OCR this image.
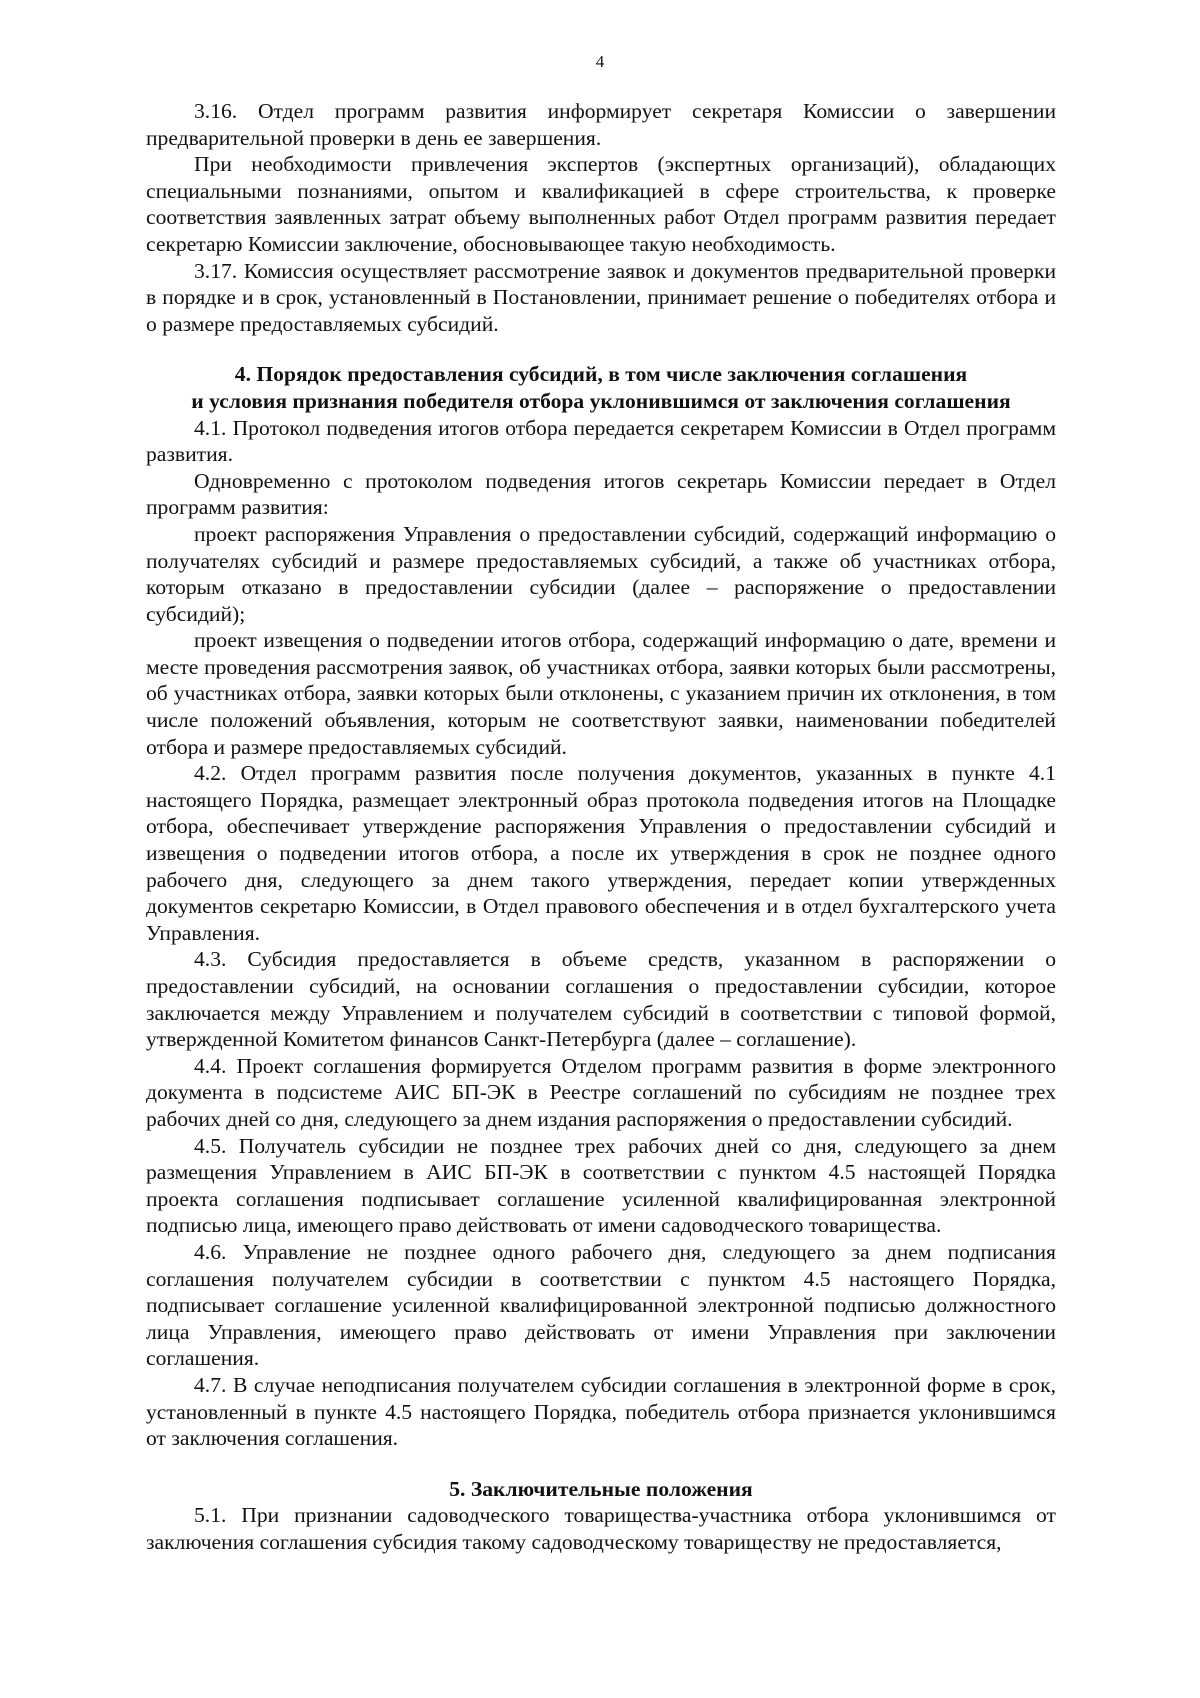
4

3.16. Отдел программ развития информирует секретаря Комиссии о завершении предварительной проверки в день ее завершения.

При необходимости привлечения экспертов (экспертных организаций), обладающих специальными познаниями, опытом и квалификацией в сфере строительства, к проверке соответствия заявленных затрат объему выполненных работ Отдел программ развития передает секретарю Комиссии заключение, обосновывающее такую необходимость.

3.17. Комиссия осуществляет рассмотрение заявок и документов предварительной проверки в порядке и в срок, установленный в Постановлении, принимает решение о победителях отбора и о размере предоставляемых субсидий.

4. Порядок предоставления субсидий, в том числе заключения соглашения
и условия признания победителя отбора уклонившимся от заключения соглашения

4.1. Протокол подведения итогов отбора передается секретарем Комиссии в Отдел программ развития.

Одновременно с протоколом подведения итогов секретарь Комиссии передает в Отдел программ развития:

проект распоряжения Управления о предоставлении субсидий, содержащий информацию о получателях субсидий и размере предоставляемых субсидий, а также об участниках отбора, которым отказано в предоставлении субсидии (далее – распоряжение о предоставлении субсидий);

проект извещения о подведении итогов отбора, содержащий информацию о дате, времени и месте проведения рассмотрения заявок, об участниках отбора, заявки которых были рассмотрены, об участниках отбора, заявки которых были отклонены, с указанием причин их отклонения, в том числе положений объявления, которым не соответствуют заявки, наименовании победителей отбора и размере предоставляемых субсидий.

4.2. Отдел программ развития после получения документов, указанных в пункте 4.1 настоящего Порядка, размещает электронный образ протокола подведения итогов на Площадке отбора, обеспечивает утверждение распоряжения Управления о предоставлении субсидий и извещения о подведении итогов отбора, а после их утверждения в срок не позднее одного рабочего дня, следующего за днем такого утверждения, передает копии утвержденных документов секретарю Комиссии, в Отдел правового обеспечения и в отдел бухгалтерского учета Управления.

4.3. Субсидия предоставляется в объеме средств, указанном в распоряжении о предоставлении субсидий, на основании соглашения о предоставлении субсидии, которое заключается между Управлением и получателем субсидий в соответствии с типовой формой, утвержденной Комитетом финансов Санкт-Петербурга (далее – соглашение).

4.4. Проект соглашения формируется Отделом программ развития в форме электронного документа в подсистеме АИС БП-ЭК в Реестре соглашений по субсидиям не позднее трех рабочих дней со дня, следующего за днем издания распоряжения о предоставлении субсидий.

4.5. Получатель субсидии не позднее трех рабочих дней со дня, следующего за днем размещения Управлением в АИС БП-ЭК в соответствии с пунктом 4.5 настоящей Порядка проекта соглашения подписывает соглашение усиленной квалифицированная электронной подписью лица, имеющего право действовать от имени садоводческого товарищества.

4.6. Управление не позднее одного рабочего дня, следующего за днем подписания соглашения получателем субсидии в соответствии с пунктом 4.5 настоящего Порядка, подписывает соглашение усиленной квалифицированной электронной подписью должностного лица Управления, имеющего право действовать от имени Управления при заключении соглашения.

4.7. В случае неподписания получателем субсидии соглашения в электронной форме в срок, установленный в пункте 4.5 настоящего Порядка, победитель отбора признается уклонившимся от заключения соглашения.

5. Заключительные положения

5.1. При признании садоводческого товарищества-участника отбора уклонившимся от заключения соглашения субсидия такому садоводческому товариществу не предоставляется,
